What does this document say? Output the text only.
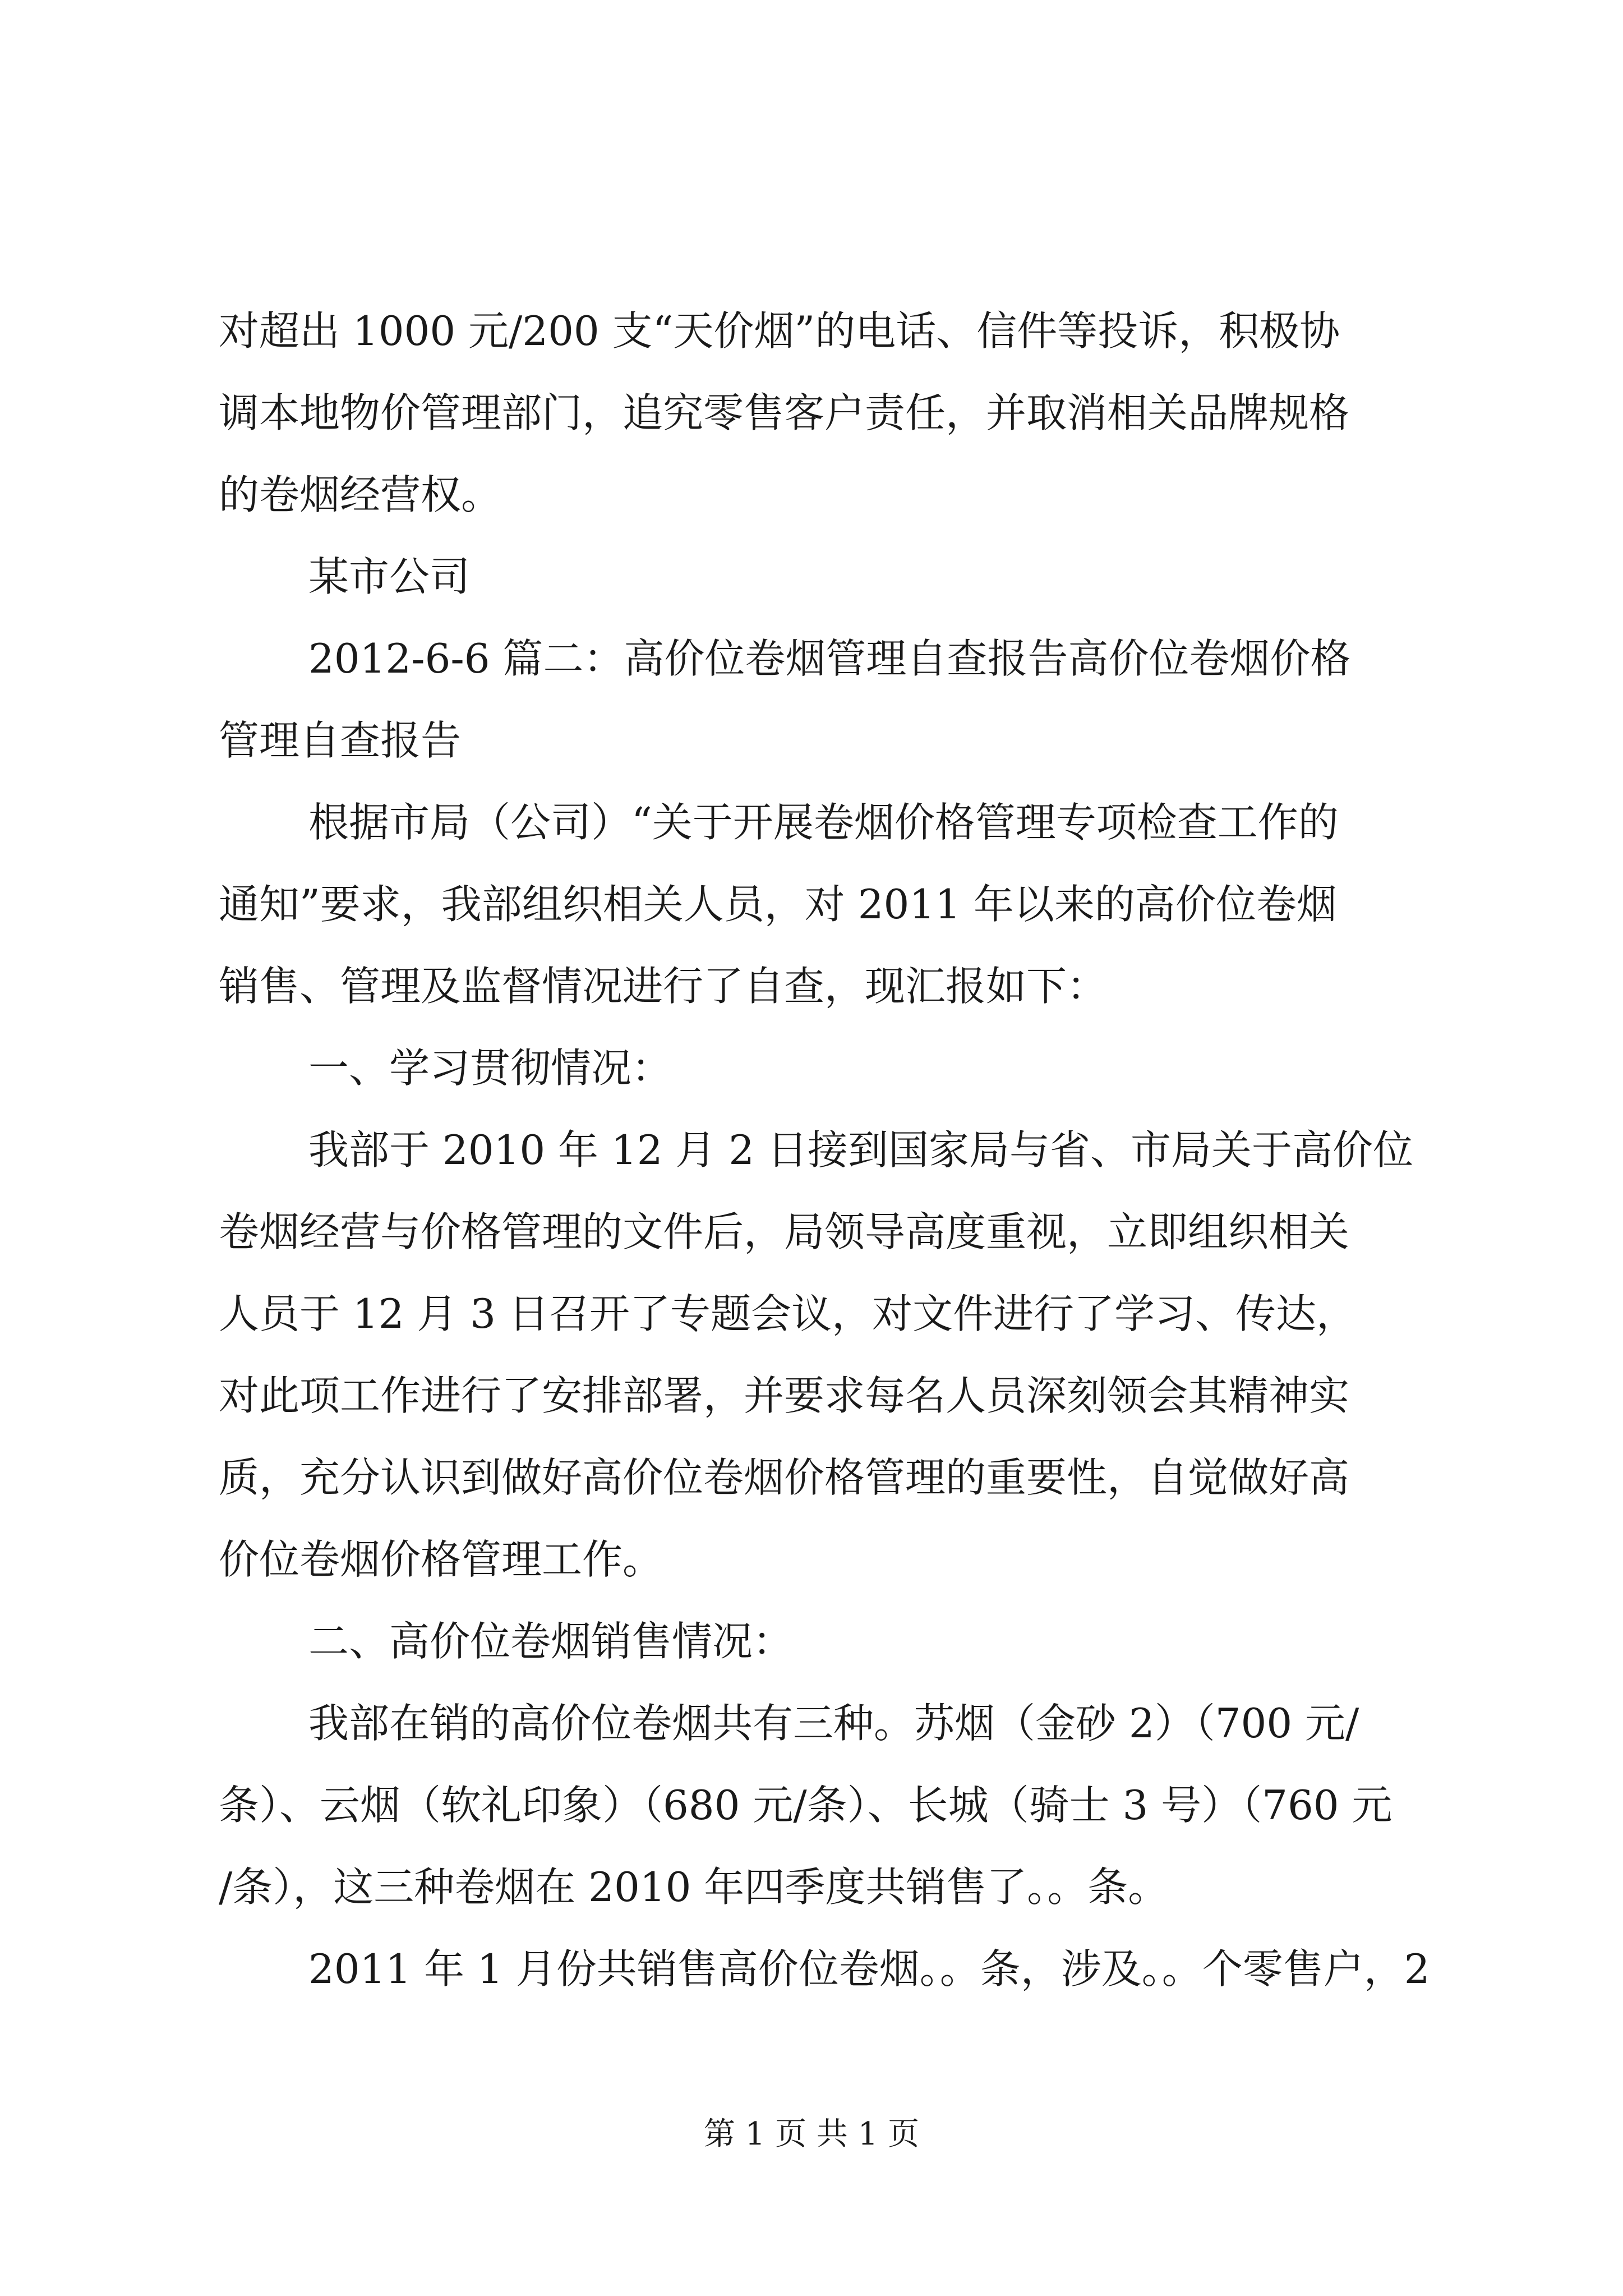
对超出 1000 元/200 支“天价烟”的电话、信件等投诉，积极协
调本地物价管理部门，追究零售客户责任，并取消相关品牌规格
的卷烟经营权。
某市公司
2012-6-6 篇二：高价位卷烟管理自查报告高价位卷烟价格
管理自查报告
根据市局（公司）“关于开展卷烟价格管理专项检查工作的
通知”要求，我部组织相关人员，对 2011 年以来的高价位卷烟
销售、管理及监督情况进行了自查，现汇报如下：
一、学习贯彻情况：
我部于 2010 年 12 月 2 日接到国家局与省、市局关于高价位
卷烟经营与价格管理的文件后，局领导高度重视，立即组织相关
人员于 12 月 3 日召开了专题会议，对文件进行了学习、传达，
对此项工作进行了安排部署，并要求每名人员深刻领会其精神实
质，充分认识到做好高价位卷烟价格管理的重要性，自觉做好高
价位卷烟价格管理工作。
二、高价位卷烟销售情况：
我部在销的高价位卷烟共有三种。苏烟（金砂 2）（700 元/
条）、云烟（软礼印象）（680 元/条）、长城（骑士 3 号）（760 元
/条），这三种卷烟在 2010 年四季度共销售了。。条。
2011 年 1 月份共销售高价位卷烟。。条，涉及。。个零售户，2
第 1 页 共 1 页
